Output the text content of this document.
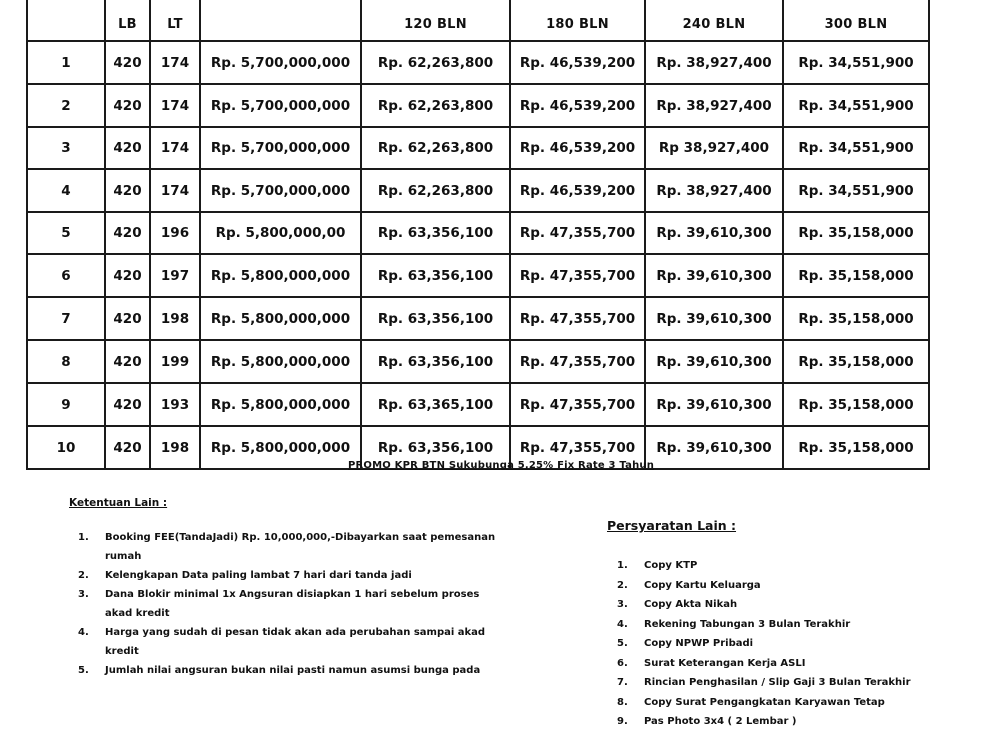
	LB	LT		120 BLN	180 BLN	240 BLN	300 BLN
1	420	174	Rp. 5,700,000,000	Rp. 62,263,800	Rp. 46,539,200	Rp. 38,927,400	Rp. 34,551,900
2	420	174	Rp. 5,700,000,000	Rp. 62,263,800	Rp. 46,539,200	Rp. 38,927,400	Rp. 34,551,900
3	420	174	Rp. 5,700,000,000	Rp. 62,263,800	Rp. 46,539,200	Rp 38,927,400	Rp. 34,551,900
4	420	174	Rp. 5,700,000,000	Rp. 62,263,800	Rp. 46,539,200	Rp. 38,927,400	Rp. 34,551,900
5	420	196	Rp. 5,800,000,00	Rp. 63,356,100	Rp. 47,355,700	Rp. 39,610,300	Rp. 35,158,000
6	420	197	Rp. 5,800,000,000	Rp. 63,356,100	Rp. 47,355,700	Rp. 39,610,300	Rp. 35,158,000
7	420	198	Rp. 5,800,000,000	Rp. 63,356,100	Rp. 47,355,700	Rp. 39,610,300	Rp. 35,158,000
8	420	199	Rp. 5,800,000,000	Rp. 63,356,100	Rp. 47,355,700	Rp. 39,610,300	Rp. 35,158,000
9	420	193	Rp. 5,800,000,000	Rp. 63,365,100	Rp. 47,355,700	Rp. 39,610,300	Rp. 35,158,000
10	420	198	Rp. 5,800,000,000	Rp. 63,356,100	Rp. 47,355,700	Rp. 39,610,300	Rp. 35,158,000
PROMO KPR BTN Sukubunga 5,25% Fix Rate 3 Tahun
Ketentuan Lain :
1.	Booking FEE(TandaJadi) Rp. 10,000,000,-Dibayarkan saat pemesanan rumah
2.	Kelengkapan Data paling lambat 7 hari dari tanda jadi
3.	Dana Blokir minimal 1x Angsuran disiapkan 1 hari sebelum proses akad kredit
4.	Harga yang sudah di pesan tidak akan ada perubahan sampai akad kredit
5.	Jumlah nilai angsuran bukan nilai pasti namun asumsi bunga pada
Persyaratan Lain :
1.	Copy KTP
2.	Copy Kartu Keluarga
3.	Copy Akta Nikah
4.	Rekening Tabungan 3 Bulan Terakhir
5.	Copy NPWP Pribadi
6.	Surat Keterangan Kerja ASLI
7.	Rincian Penghasilan / Slip Gaji 3 Bulan Terakhir
8.	Copy Surat Pengangkatan Karyawan Tetap
9.	Pas Photo 3x4 ( 2 Lembar )
